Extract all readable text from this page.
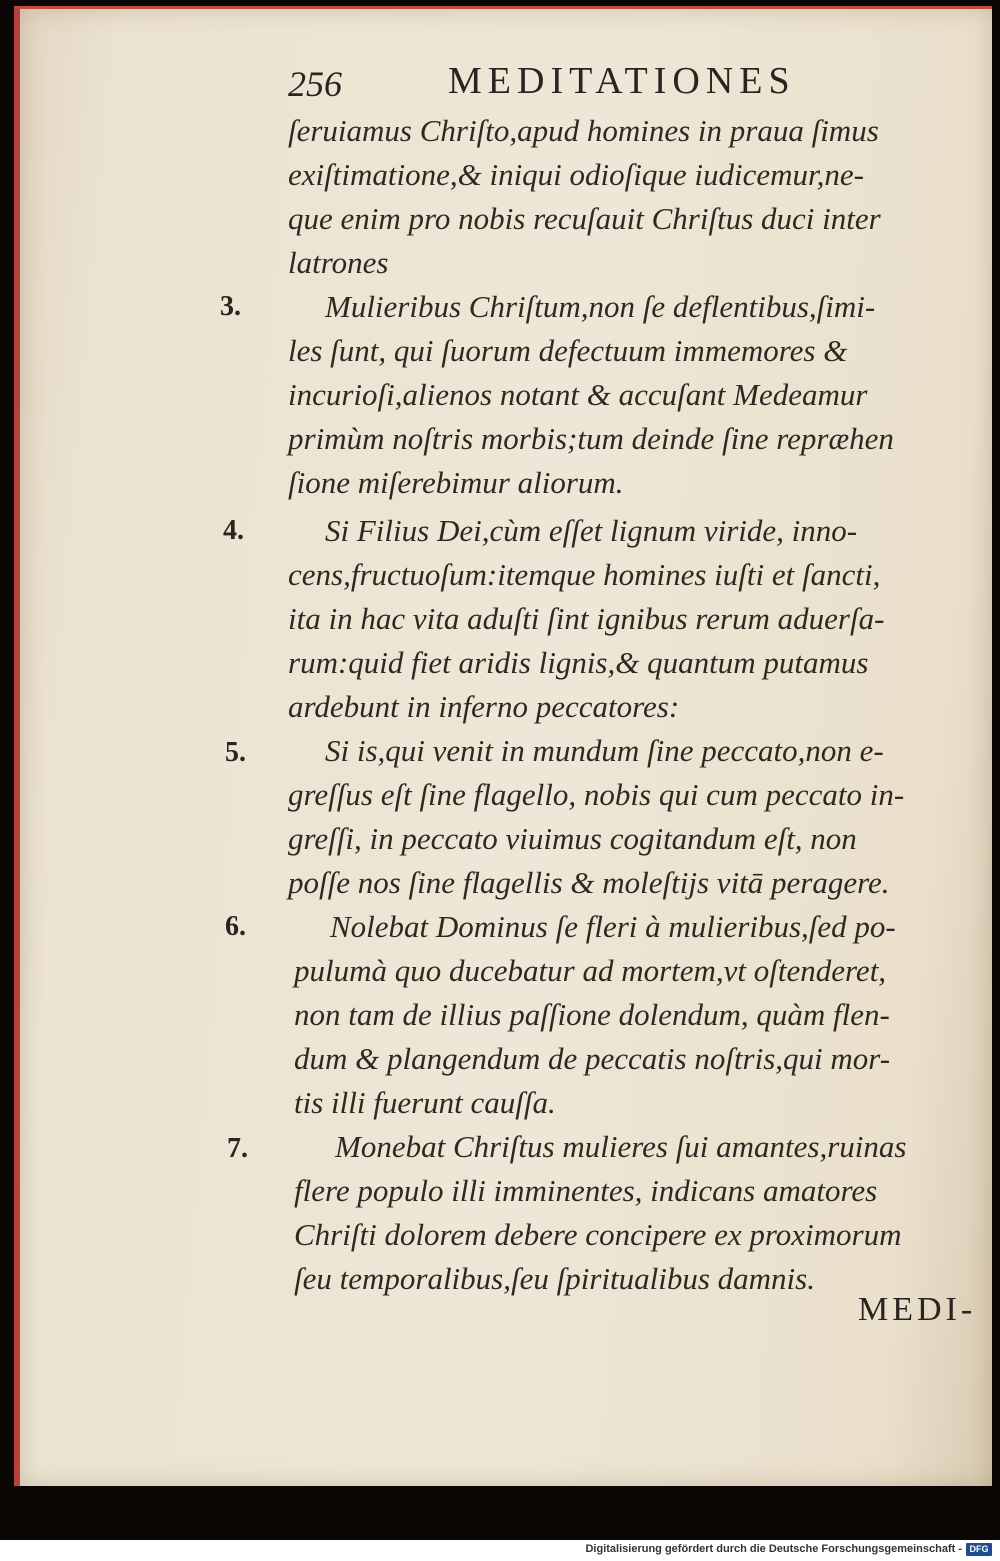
256	MEDITATIONES
ſeruiamus Chriſto,apud homines in praua ſimus
exiſtimatione,& iniqui odioſique iudicemur,ne-
que enim pro nobis recuſauit Chriſtus duci inter
latrones
3.	Mulieribus Chriſtum,non ſe deflentibus,ſimi-
les ſunt, qui ſuorum defectuum immemores &
incurioſi,alienos notant & accuſant Medeamur
primùm noſtris morbis;tum deinde ſine repræhen
ſione miſerebimur aliorum.
4.	Si Filius Dei,cùm eſſet lignum viride, inno-
cens,fructuoſum:itemque homines iuſti et ſancti,
ita in hac vita aduſti ſint ignibus rerum aduerſa-
rum:quid fiet aridis lignis,& quantum putamus
ardebunt in inferno peccatores:
5.	Si is,qui venit in mundum ſine peccato,non e-
greſſus eſt ſine flagello, nobis qui cum peccato in-
greſſi, in peccato viuimus cogitandum eſt, non
poſſe nos ſine flagellis & moleſtijs vitā peragere.
6.	Nolebat Dominus ſe fleri à mulieribus,ſed po-
pulumà quo ducebatur ad mortem,vt oſtenderet,
non tam de illius paſſione dolendum, quàm flen-
dum & plangendum de peccatis noſtris,qui mor-
tis illi fuerunt cauſſa.
7.	Monebat Chriſtus mulieres ſui amantes,ruinas
flere populo illi imminentes, indicans amatores
Chriſti dolorem debere concipere ex proximorum
ſeu temporalibus,ſeu ſpiritualibus damnis.
MEDI-
Digitalisierung gefördert durch die Deutsche Forschungsgemeinschaft - DFG
